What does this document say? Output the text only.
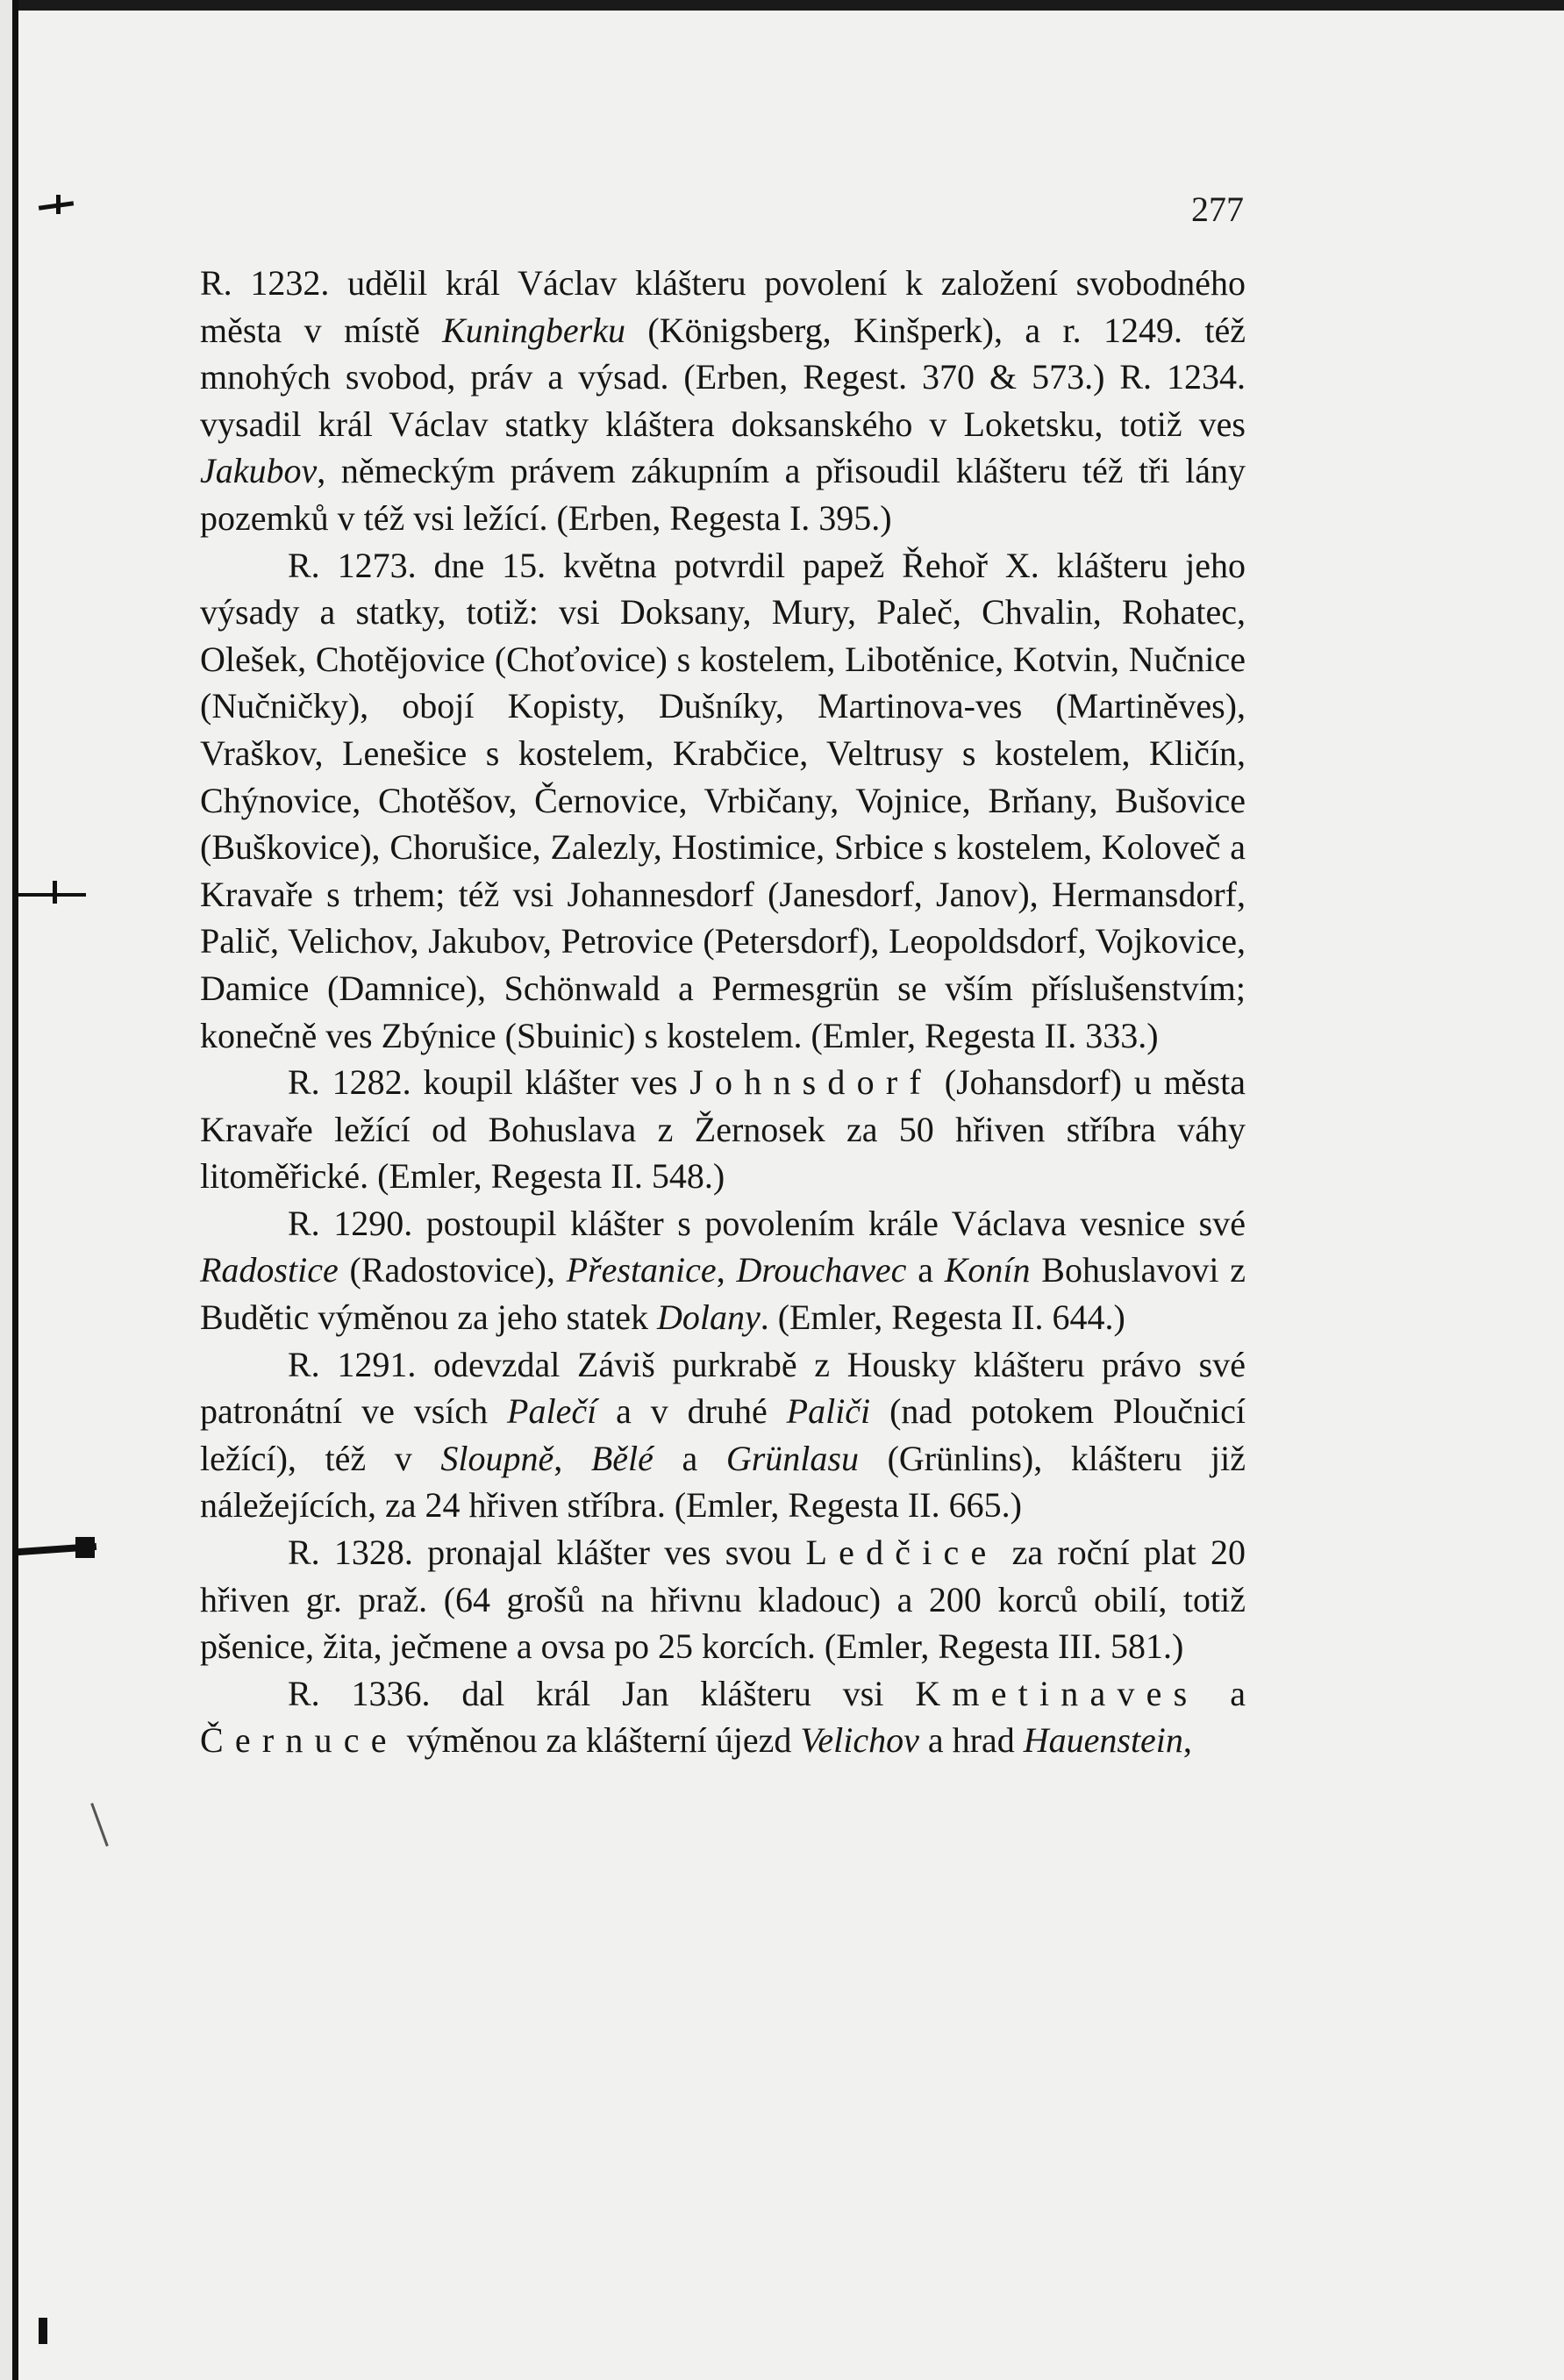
277

R. 1232. udělil král Václav klášteru povolení k založení svobodného města v místě Kuningberku (Königsberg, Kinšperk), a r. 1249. též mnohých svobod, práv a výsad. (Erben, Regest. 370 & 573.) R. 1234. vysadil král Václav statky kláštera doksanského v Loketsku, totiž ves Jakubov, německým právem zákupním a přisoudil klášteru též tři lány pozemků v též vsi ležící. (Erben, Regesta I. 395.)

R. 1273. dne 15. května potvrdil papež Řehoř X. klášteru jeho výsady a statky, totiž: vsi Doksany, Mury, Paleč, Chvalin, Rohatec, Olešek, Chotějovice (Choťovice) s kostelem, Libotěnice, Kotvin, Nučnice (Nučničky), obojí Kopisty, Dušníky, Martinova-ves (Martiněves), Vraškov, Lenešice s kostelem, Krabčice, Veltrusy s kostelem, Kličín, Chýnovice, Chotěšov, Černovice, Vrbičany, Vojnice, Brňany, Bušovice (Buškovice), Chorušice, Zalezly, Hostimice, Srbice s kostelem, Koloveč a Kravaře s trhem; též vsi Johannesdorf (Janesdorf, Janov), Hermansdorf, Palič, Velichov, Jakubov, Petrovice (Petersdorf), Leopoldsdorf, Vojkovice, Damice (Damnice), Schönwald a Permesgrün se vším příslušenstvím; konečně ves Zbýnice (Sbuinic) s kostelem. (Emler, Regesta II. 333.)

R. 1282. koupil klášter ves Johnsdorf (Johansdorf) u města Kravaře ležící od Bohuslava z Žernosek za 50 hřiven stříbra váhy litoměřické. (Emler, Regesta II. 548.)

R. 1290. postoupil klášter s povolením krále Václava vesnice své Radostice (Radostovice), Přestanice, Drouchavec a Konín Bohuslavovi z Budětic výměnou za jeho statek Dolany. (Emler, Regesta II. 644.)

R. 1291. odevzdal Záviš purkrabě z Housky klášteru právo své patronátní ve vsích Palečí a v druhé Paliči (nad potokem Ploučnicí ležící), též v Sloupně, Bělé a Grünlasu (Grünlins), klášteru již náležejících, za 24 hřiven stříbra. (Emler, Regesta II. 665.)

R. 1328. pronajal klášter ves svou Ledčice za roční plat 20 hřiven gr. praž. (64 grošů na hřivnu kladouc) a 200 korců obilí, totiž pšenice, žita, ječmene a ovsa po 25 korcích. (Emler, Regesta III. 581.)

R. 1336. dal král Jan klášteru vsi Kmetinaves a Černuce výměnou za klášterní újezd Velichov a hrad Hauenstein,
